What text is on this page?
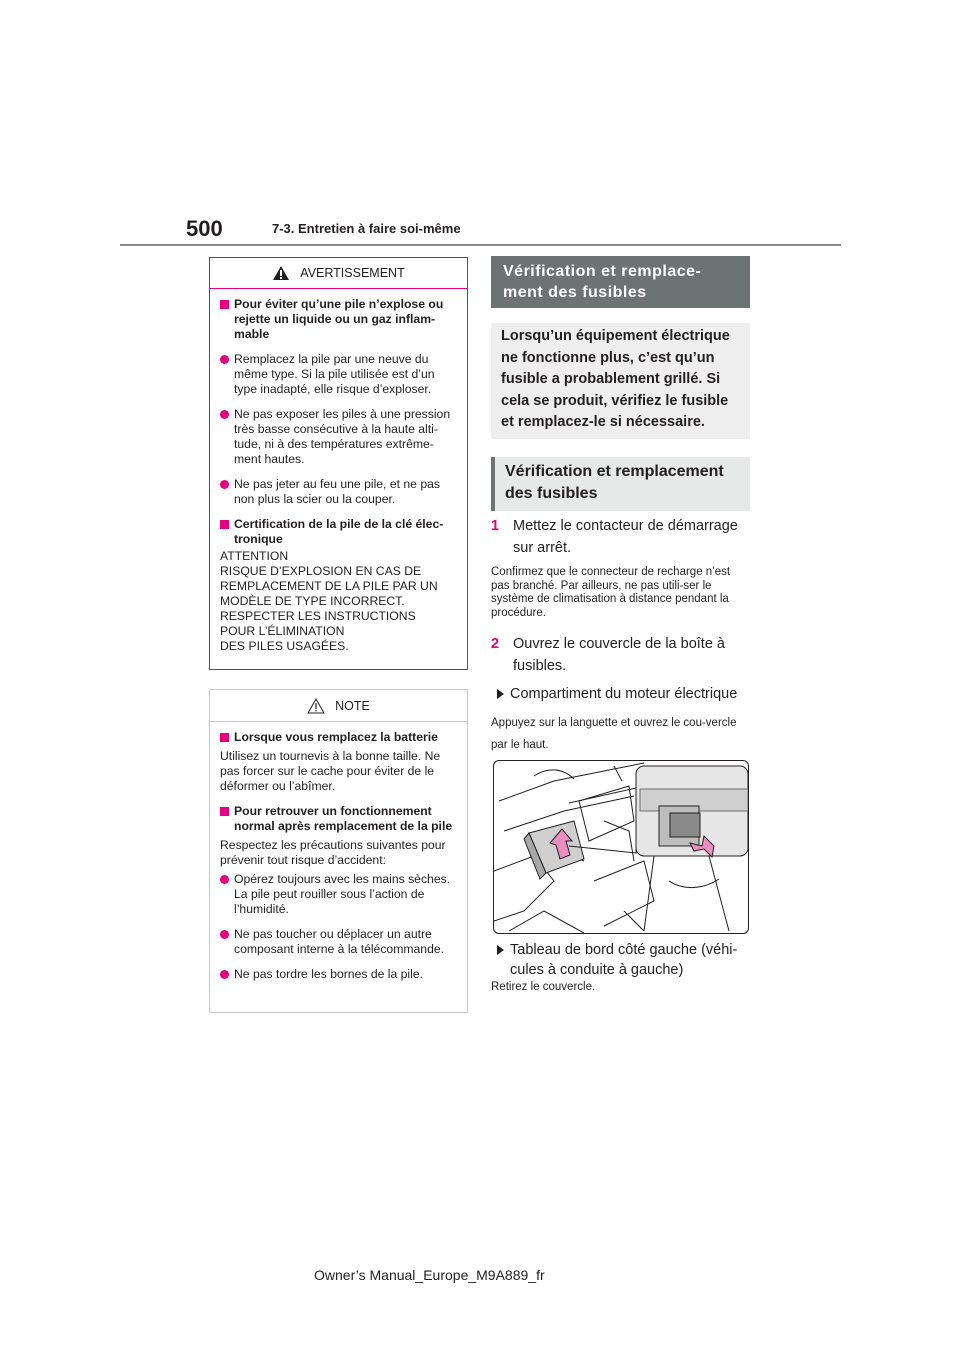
500	7-3. Entretien à faire soi-même
AVERTISSEMENT
Pour éviter qu’une pile n’explose ou rejette un liquide ou un gaz inflam-mable
Remplacez la pile par une neuve du même type. Si la pile utilisée est d’un type inadapté, elle risque d’exploser.
Ne pas exposer les piles à une pression très basse consécutive à la haute alti-tude, ni à des températures extrême-ment hautes.
Ne pas jeter au feu une pile, et ne pas non plus la scier ou la couper.
Certification de la pile de la clé élec-tronique
ATTENTION
RISQUE D’EXPLOSION EN CAS DE
REMPLACEMENT DE LA PILE PAR UN
MODÈLE DE TYPE INCORRECT.
RESPECTER LES INSTRUCTIONS
POUR L’ÉLIMINATION
DES PILES USAGÉES.
NOTE
Lorsque vous remplacez la batterie
Utilisez un tournevis à la bonne taille. Ne pas forcer sur le cache pour éviter de le déformer ou l’abîmer.
Pour retrouver un fonctionnement normal après remplacement de la pile
Respectez les précautions suivantes pour prévenir tout risque d’accident:
Opérez toujours avec les mains sèches. La pile peut rouiller sous l’action de l’humidité.
Ne pas toucher ou déplacer un autre composant interne à la télécommande.
Ne pas tordre les bornes de la pile.
Vérification et remplace-ment des fusibles
Lorsqu’un équipement électrique ne fonctionne plus, c’est qu’un fusible a probablement grillé. Si cela se produit, vérifiez le fusible et remplacez-le si nécessaire.
Vérification et remplacement des fusibles
1 Mettez le contacteur de démarrage sur arrêt.
Confirmez que le connecteur de recharge n’est pas branché. Par ailleurs, ne pas utili-ser le système de climatisation à distance pendant la procédure.
2 Ouvrez le couvercle de la boîte à fusibles.
Compartiment du moteur électrique
Appuyez sur la languette et ouvrez le cou-vercle par le haut.
Tableau de bord côté gauche (véhi-cules à conduite à gauche)
Retirez le couvercle.
Owner’s Manual_Europe_M9A889_fr
